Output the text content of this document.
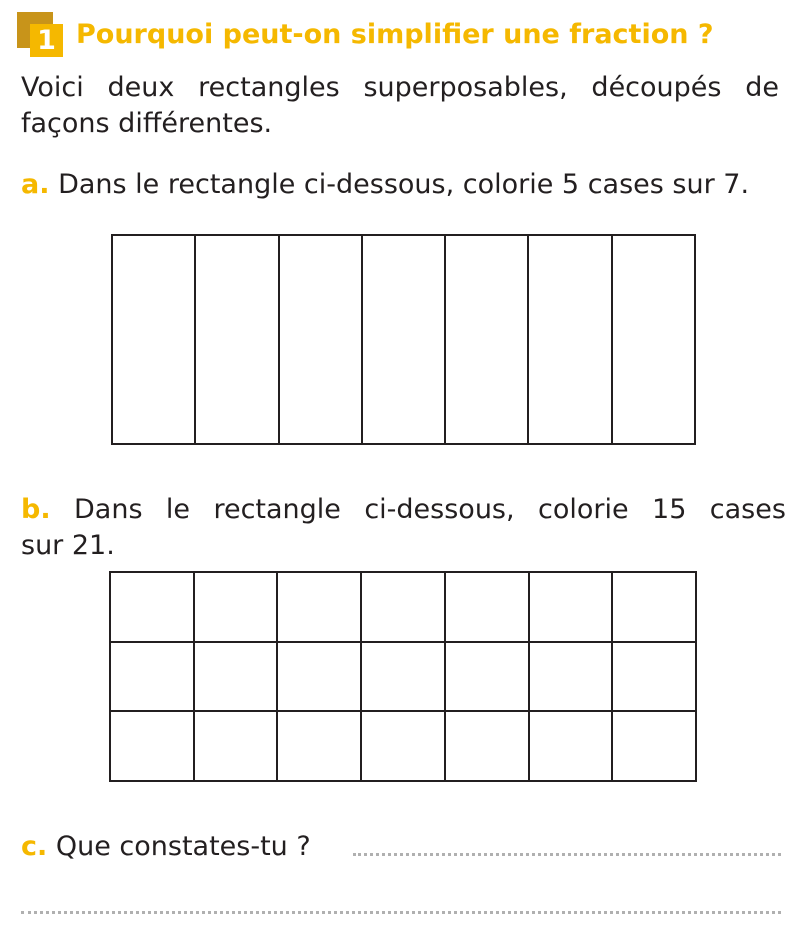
1 Pourquoi peut-on simplifier une fraction ?
Voici deux rectangles superposables, découpés de façons différentes.
a. Dans le rectangle ci-dessous, colorie 5 cases sur 7.

b. Dans le rectangle ci-dessous, colorie 15 cases
sur 21.

c. Que constates-tu ?
